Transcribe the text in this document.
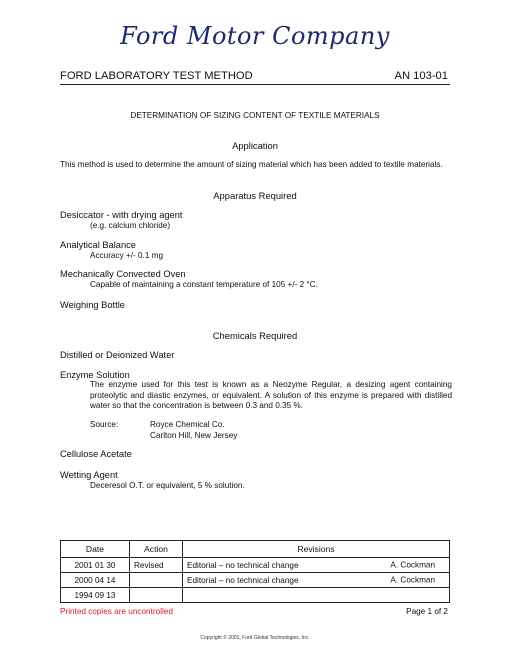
Ford Motor Company
FORD LABORATORY TEST METHOD	AN 103-01
DETERMINATION OF SIZING CONTENT OF TEXTILE MATERIALS
Application
This method is used to determine the amount of sizing material which has been added to textile materials.
Apparatus Required
Desiccator - with drying agent
(e.g. calcium chloride)
Analytical Balance
Accuracy +/- 0.1 mg
Mechanically Convected Oven
Capable of maintaining a constant temperature of 105 +/- 2 °C.
Weighing Bottle
Chemicals Required
Distilled or Deionized Water
Enzyme Solution
The enzyme used for this test is known as a Neozyme Regular, a desizing agent containing proteolytic and diastic enzymes, or equivalent. A solution of this enzyme is prepared with distilled water so that the concentration is between 0.3 and 0.35 %.
Source:	Royce Chemical Co.
Carlton Hill, New Jersey
Cellulose Acetate
Wetting Agent
Deceresol O.T. or equivalent, 5 % solution.
Date	Action	Revisions
2001 01 30	Revised	Editorial – no technical change A. Cockman

2000 04 14		Editorial – no technical change A. Cockman

1994 09 13		
Printed copies are uncontrolled	Page 1 of 2
Copyright © 2001, Ford Global Technologies, Inc.
